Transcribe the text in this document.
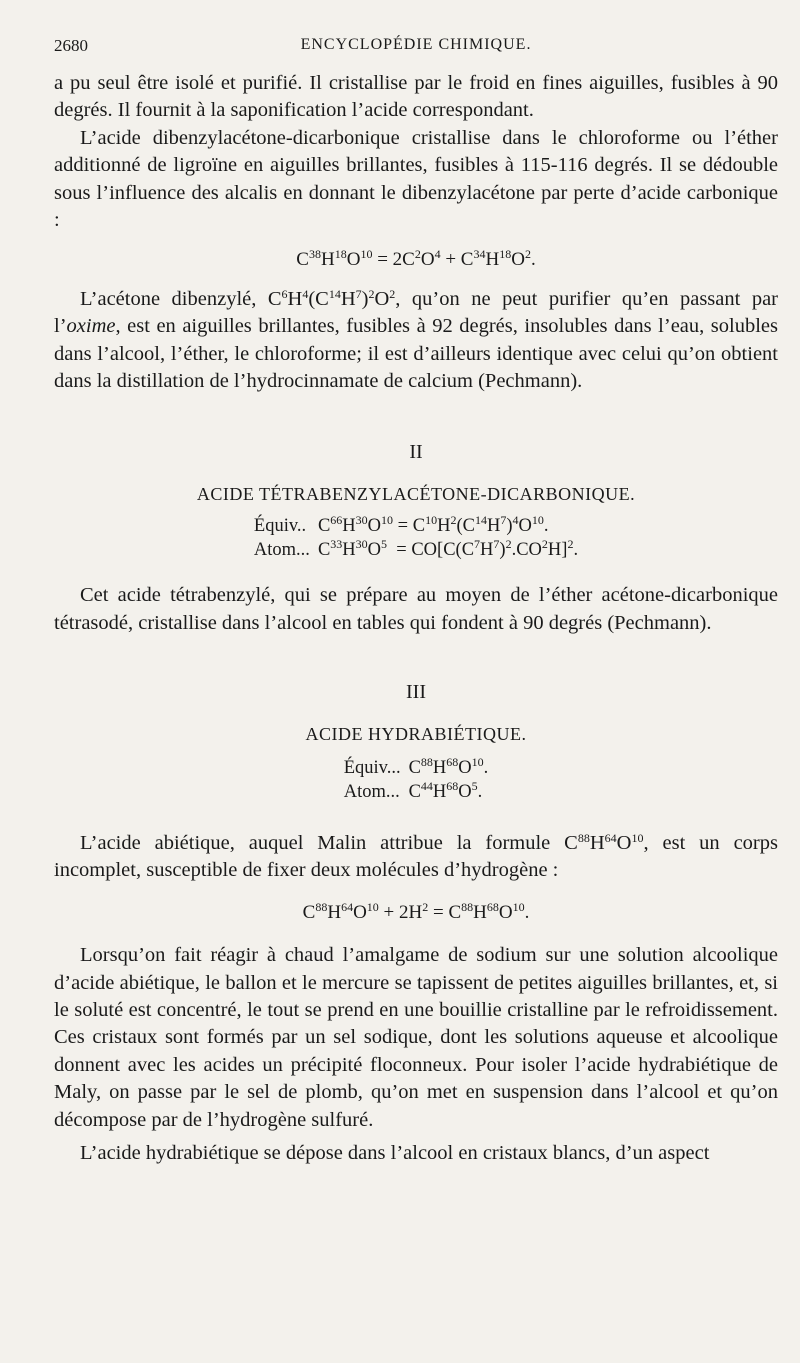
2680	ENCYCLOPÉDIE CHIMIQUE.

a pu seul être isolé et purifié. Il cristallise par le froid en fines aiguilles, fusibles à 90 degrés. Il fournit à la saponification l’acide correspondant.

L’acide dibenzylacétone-dicarbonique cristallise dans le chloroforme ou l’éther additionné de ligroïne en aiguilles brillantes, fusibles à 115-116 degrés. Il se dédouble sous l’influence des alcalis en donnant le dibenzylacétone par perte d’acide carbonique :

$C^{38}H^{18}O^{10} = 2C^2O^4 + C^{34}H^{18}O^2$.

L’acétone dibenzylé, $C^6H^4(C^{14}H^7)^2O^2$, qu’on ne peut purifier qu’en passant par l’oxime, est en aiguilles brillantes, fusibles à 92 degrés, insolubles dans l’eau, solubles dans l’alcool, l’éther, le chloroforme; il est d’ailleurs identique avec celui qu’on obtient dans la distillation de l’hydrocinnamate de calcium (Pechmann).

II

ACIDE TÉTRABENZYLACÉTONE-DICARBONIQUE.

Équiv..	$C^{66}H^{30}O^{10} = C^{10}H^2(C^{14}H^7)^4O^{10}$.
Atom...	$C^{33}H^{30}O^5 = CO[C(C^7H^7)^2.CO^2H]^2$.

Cet acide tétrabenzylé, qui se prépare au moyen de l’éther acétone-dicarbonique tétrasodé, cristallise dans l’alcool en tables qui fondent à 90 degrés (Pechmann).

III

ACIDE HYDRABIÉTIQUE.

Équiv...	$C^{88}H^{68}O^{10}$.
Atom...	$C^{44}H^{68}O^5$.

L’acide abiétique, auquel Malin attribue la formule $C^{88}H^{64}O^{10}$, est un corps incomplet, susceptible de fixer deux molécules d’hydrogène :

$C^{88}H^{64}O^{10} + 2H^2 = C^{88}H^{68}O^{10}$.

Lorsqu’on fait réagir à chaud l’amalgame de sodium sur une solution alcoolique d’acide abiétique, le ballon et le mercure se tapissent de petites aiguilles brillantes, et, si le soluté est concentré, le tout se prend en une bouillie cristalline par le refroidissement. Ces cristaux sont formés par un sel sodique, dont les solutions aqueuse et alcoolique donnent avec les acides un précipité floconneux. Pour isoler l’acide hydrabiétique de Maly, on passe par le sel de plomb, qu’on met en suspension dans l’alcool et qu’on décompose par de l’hydrogène sulfuré.

L’acide hydrabiétique se dépose dans l’alcool en cristaux blancs, d’un aspect
